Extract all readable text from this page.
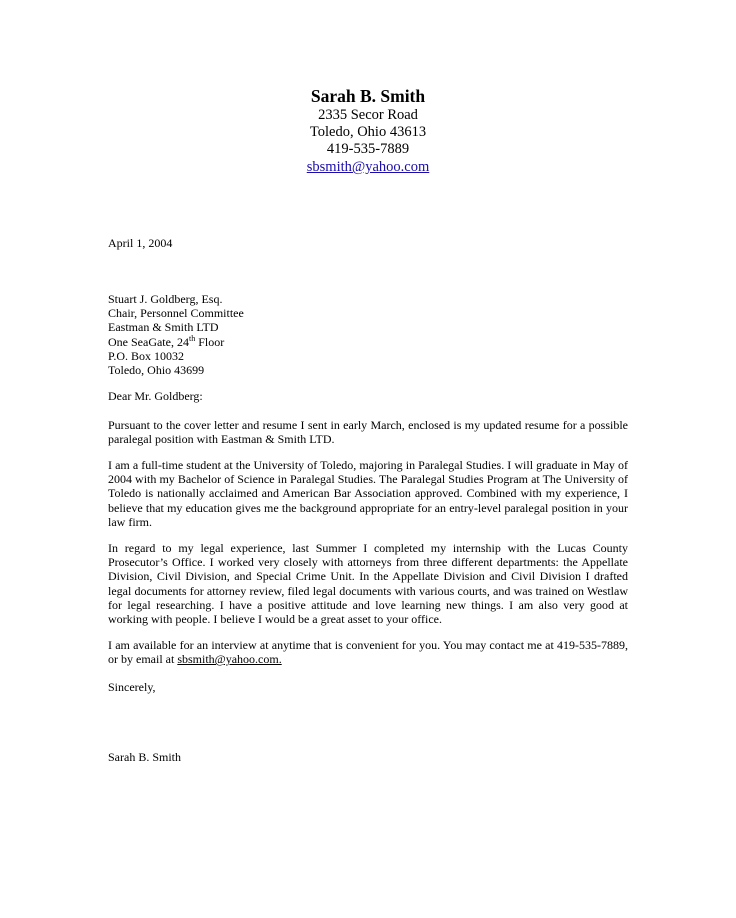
Sarah B. Smith
2335 Secor Road
Toledo, Ohio 43613
419-535-7889
sbsmith@yahoo.com
April 1, 2004
Stuart J. Goldberg, Esq.
Chair, Personnel Committee
Eastman & Smith LTD
One SeaGate, 24th Floor
P.O. Box 10032
Toledo, Ohio 43699
Dear Mr. Goldberg:
Pursuant to the cover letter and resume I sent in early March, enclosed is my updated resume for a possible paralegal position with Eastman & Smith LTD.
I am a full-time student at the University of Toledo, majoring in Paralegal Studies. I will graduate in May of 2004 with my Bachelor of Science in Paralegal Studies. The Paralegal Studies Program at The University of Toledo is nationally acclaimed and American Bar Association approved. Combined with my experience, I believe that my education gives me the background appropriate for an entry-level paralegal position in your law firm.
In regard to my legal experience, last Summer I completed my internship with the Lucas County Prosecutor’s Office. I worked very closely with attorneys from three different departments: the Appellate Division, Civil Division, and Special Crime Unit. In the Appellate Division and Civil Division I drafted legal documents for attorney review, filed legal documents with various courts, and was trained on Westlaw for legal researching. I have a positive attitude and love learning new things. I am also very good at working with people. I believe I would be a great asset to your office.
I am available for an interview at anytime that is convenient for you. You may contact me at 419-535-7889, or by email at sbsmith@yahoo.com.
Sincerely,
Sarah B. Smith
